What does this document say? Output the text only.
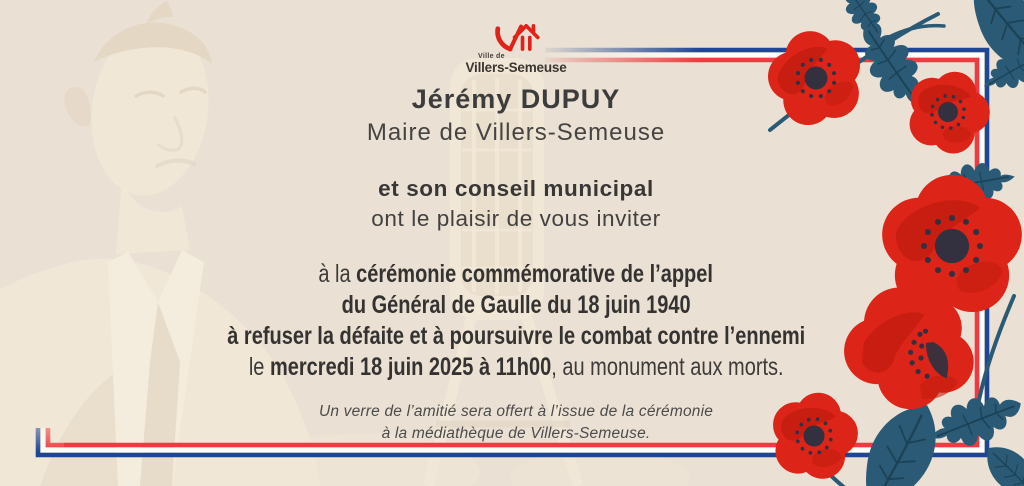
Ville de
Villers-Semeuse
Jérémy DUPUY
Maire de Villers-Semeuse
et son conseil municipal
ont le plaisir de vous inviter
à la cérémonie commémorative de l’appel
du Général de Gaulle du 18 juin 1940
à refuser la défaite et à poursuivre le combat contre l’ennemi
le mercredi 18 juin 2025 à 11h00, au monument aux morts.
Un verre de l’amitié sera offert à l’issue de la cérémonie
à la médiathèque de Villers-Semeuse.
